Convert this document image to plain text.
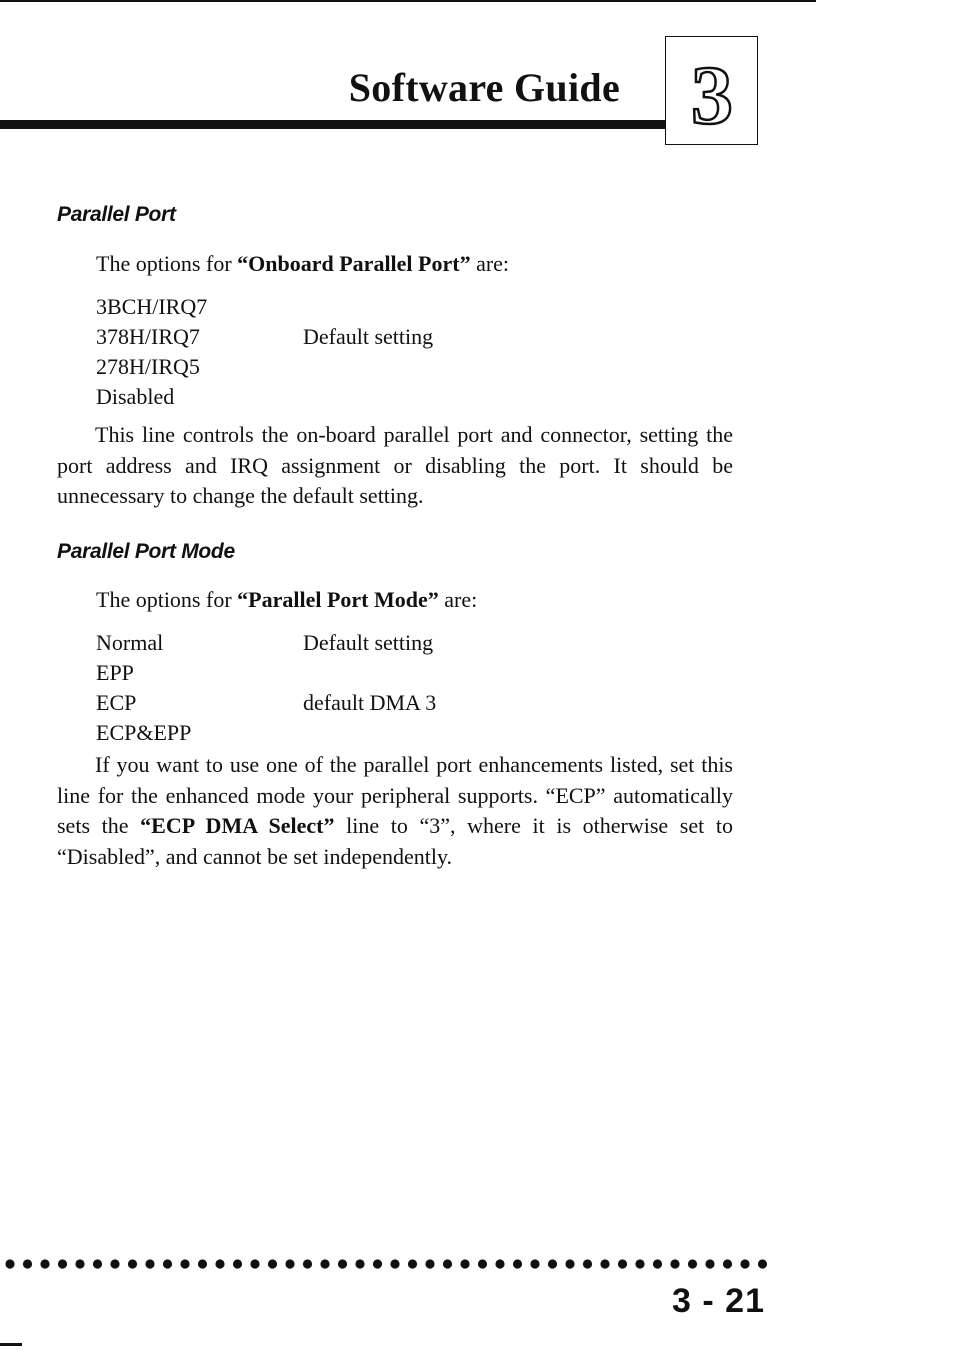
Software Guide 3
Parallel Port
The options for “Onboard Parallel Port” are:
3BCH/IRQ7
378H/IRQ7	Default setting
278H/IRQ5
Disabled

This line controls the on-board parallel port and connector, setting the port address and IRQ assignment or disabling the port. It should be unnecessary to change the default setting.

Parallel Port Mode
The options for “Parallel Port Mode” are:
Normal	Default setting
EPP
ECP	default DMA 3
ECP&EPP

If you want to use one of the parallel port enhancements listed, set this line for the enhanced mode your peripheral supports. “ECP” automatically sets the “ECP DMA Select” line to “3”, where it is otherwise set to “Disabled”, and cannot be set independently.

3 - 21
